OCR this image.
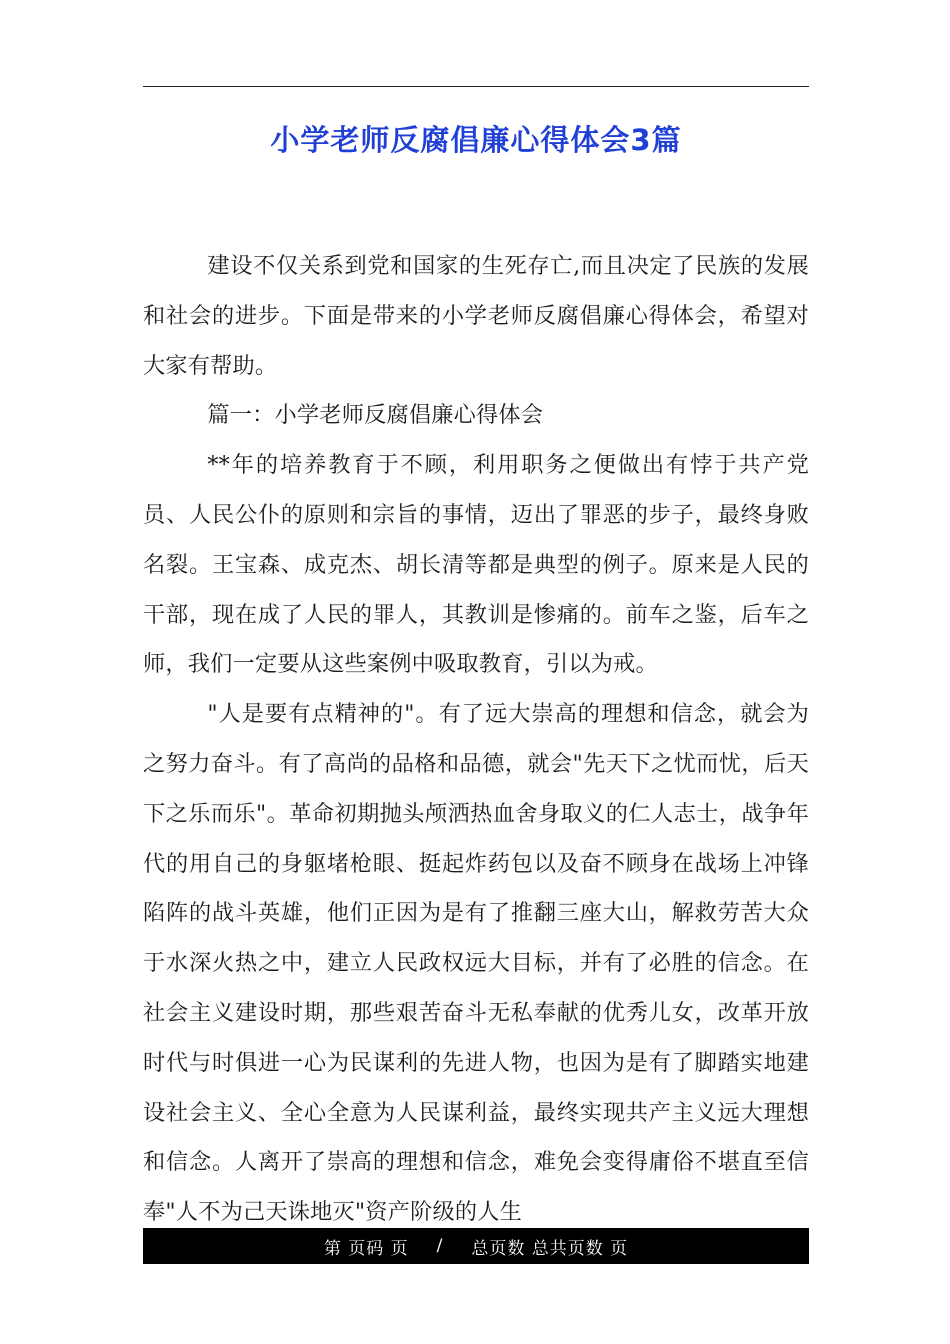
小学老师反腐倡廉心得体会3篇

建设不仅关系到党和国家的生死存亡,而且决定了民族的发展和社会的进步。下面是带来的小学老师反腐倡廉心得体会，希望对大家有帮助。

篇一：小学老师反腐倡廉心得体会

**年的培养教育于不顾，利用职务之便做出有悖于共产党员、人民公仆的原则和宗旨的事情，迈出了罪恶的步子，最终身败名裂。王宝森、成克杰、胡长清等都是典型的例子。原来是人民的干部，现在成了人民的罪人，其教训是惨痛的。前车之鉴，后车之师，我们一定要从这些案例中吸取教育，引以为戒。

"人是要有点精神的"。有了远大崇高的理想和信念，就会为之努力奋斗。有了高尚的品格和品德，就会"先天下之忧而忧，后天下之乐而乐"。革命初期抛头颅洒热血舍身取义的仁人志士，战争年代的用自己的身躯堵枪眼、挺起炸药包以及奋不顾身在战场上冲锋陷阵的战斗英雄，他们正因为是有了推翻三座大山，解救劳苦大众于水深火热之中，建立人民政权远大目标，并有了必胜的信念。在社会主义建设时期，那些艰苦奋斗无私奉献的优秀儿女，改革开放时代与时俱进一心为民谋利的先进人物，也因为是有了脚踏实地建设社会主义、全心全意为人民谋利益，最终实现共产主义远大理想和信念。人离开了崇高的理想和信念，难免会变得庸俗不堪直至信奉"人不为己天诛地灭"资产阶级的人生

第 页码 页 / 总页数 总共页数 页
